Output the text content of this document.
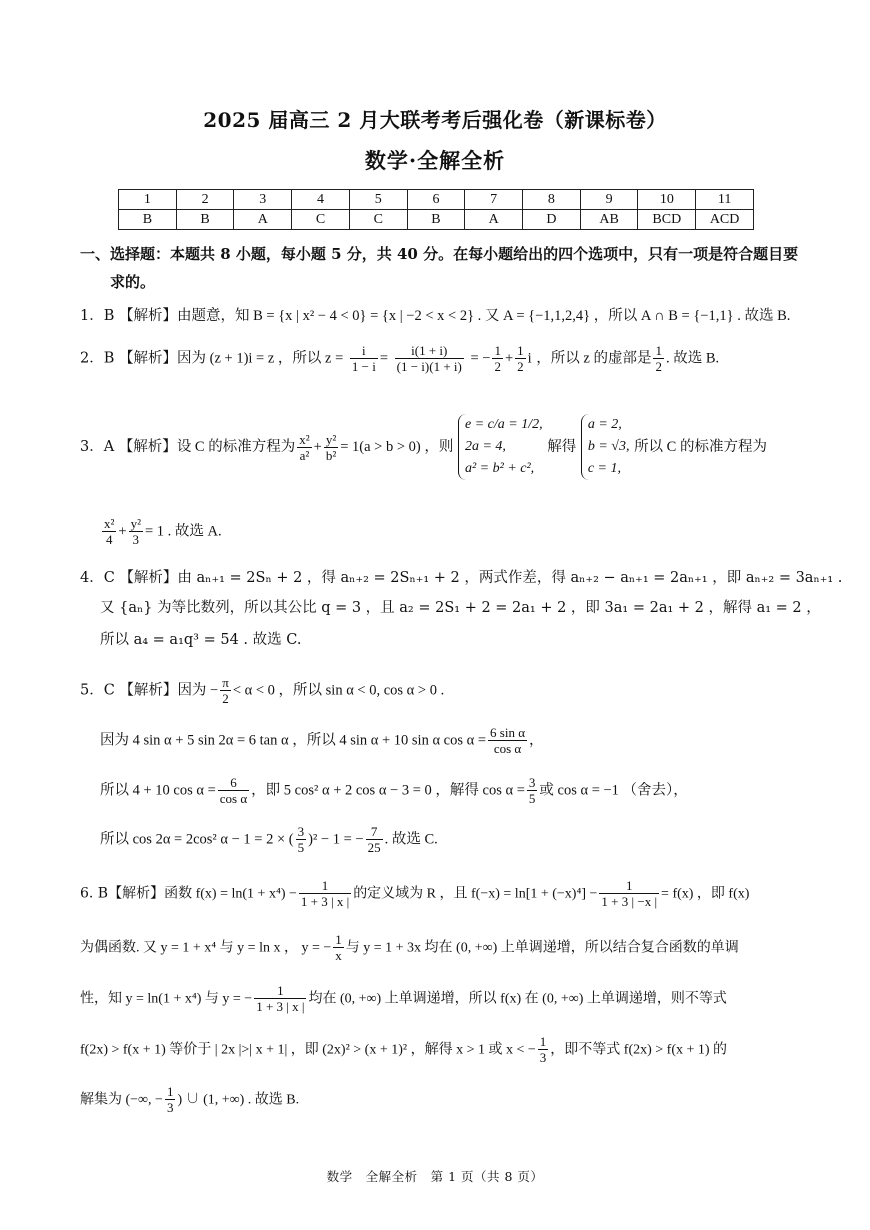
2025 届高三 2 月大联考考后强化卷（新课标卷）
数学·全解全析
1	2	3	4	5	6	7	8	9	10	11
B	B	A	C	C	B	A	D	AB	BCD	ACD
一、选择题：本题共 8 小题，每小题 5 分，共 40 分。在每小题给出的四个选项中，只有一项是符合题目要
求的。
1．B 【解析】由题意，知 B = {x | x² − 4 < 0} = {x | −2 < x < 2} . 又 A = {−1,1,2,4} ，所以 A ∩ B = {−1,1} . 故选 B.
2．B 【解析】因为 (z + 1)i = z ，所以 $z = \frac{i}{1 - i} = \frac{i(1 + i)}{(1 - i)(1 + i)}$ = − $\frac{1}{2} + \frac{1}{2}$ i ，所以 z 的虚部是 $\frac{1}{2}$ . 故选 B.
3．A 【解析】设 C 的标准方程为 $\frac{\text{x²}}{\text{a²}} + \frac{\text{y²}}{\text{b²}} = 1(a > b > 0)$ ，则
e = c/a = 1/2,
2a = 4,
a² = b² + c²,
解得
a = 2,
b = √3,
c = 1,
所以 C 的标准方程为
$\frac{\text{x²}}{4} + \frac{\text{y²}}{3} = 1$ . 故选 A.
4．C 【解析】由 aₙ₊₁ = 2Sₙ + 2 ，得 aₙ₊₂ = 2Sₙ₊₁ + 2 ，两式作差，得 aₙ₊₂ − aₙ₊₁ = 2aₙ₊₁ ，即 aₙ₊₂ = 3aₙ₊₁ .
又 {aₙ} 为等比数列，所以其公比 q = 3 ，且 a₂ = 2S₁ + 2 = 2a₁ + 2 ，即 3a₁ = 2a₁ + 2 ，解得 a₁ = 2 ，
所以 a₄ = a₁q³ = 54 . 故选 C.
5．C 【解析】因为 − $\frac{\pi}{2} < \alpha < 0$ ，所以 sin α < 0, cos α > 0 .
因为 4 sin α + 5 sin 2α = 6 tan α ，所以 4 sin α + 10 sin α $\cos \alpha = \frac{\text{6 sin α}}{\text{cos α}}$ ，
所以 4 + 10 $\cos \alpha = \frac{6}{\text{cos α}}$ ，即 5 cos² α + 2 cos α − 3 = 0 ，解得 $\cos \alpha = \frac{3}{5}$ 或 cos α = −1 （舍去），
所以 cos 2α = 2cos² α − 1 = 2 × ( $\frac{3}{5} )^2 - 1$ = − $\frac{7}{25}$ . 故选 C.
6. B【解析】函数 $f(x) = \ln(1 + x^4) - \frac{1}{1 + 3 | x |}$ 的定义域为 R ，且 $f(-x) = \ln[1 + (-x)^4] - \frac{1}{1 + 3 | -x |} = f(x)$ ，即 f(x)
为偶函数. 又 y = 1 + x⁴ 与 y = ln x ， y = − $\frac{1}{x}$ 与 y = 1 + 3x 均在 (0, +∞) 上单调递增，所以结合复合函数的单调
性，知 y = ln(1 + x⁴) 与 y = − $\frac{1}{1 + 3 | x |}$ 均在 (0, +∞) 上单调递增，所以 f(x) 在 (0, +∞) 上单调递增，则不等式
f(2x) > f(x + 1) 等价于 | 2x |>| x + 1| ，即 (2x)² > (x + 1)² ，解得 x > 1 或 x < − $\frac{1}{3}$ ，即不等式 f(2x) > f(x + 1) 的
解集为 (−∞, − $\frac{1}{3}$ ) ∪ (1, +∞) . 故选 B.
数学　全解全析　第 1 页（共 8 页）
